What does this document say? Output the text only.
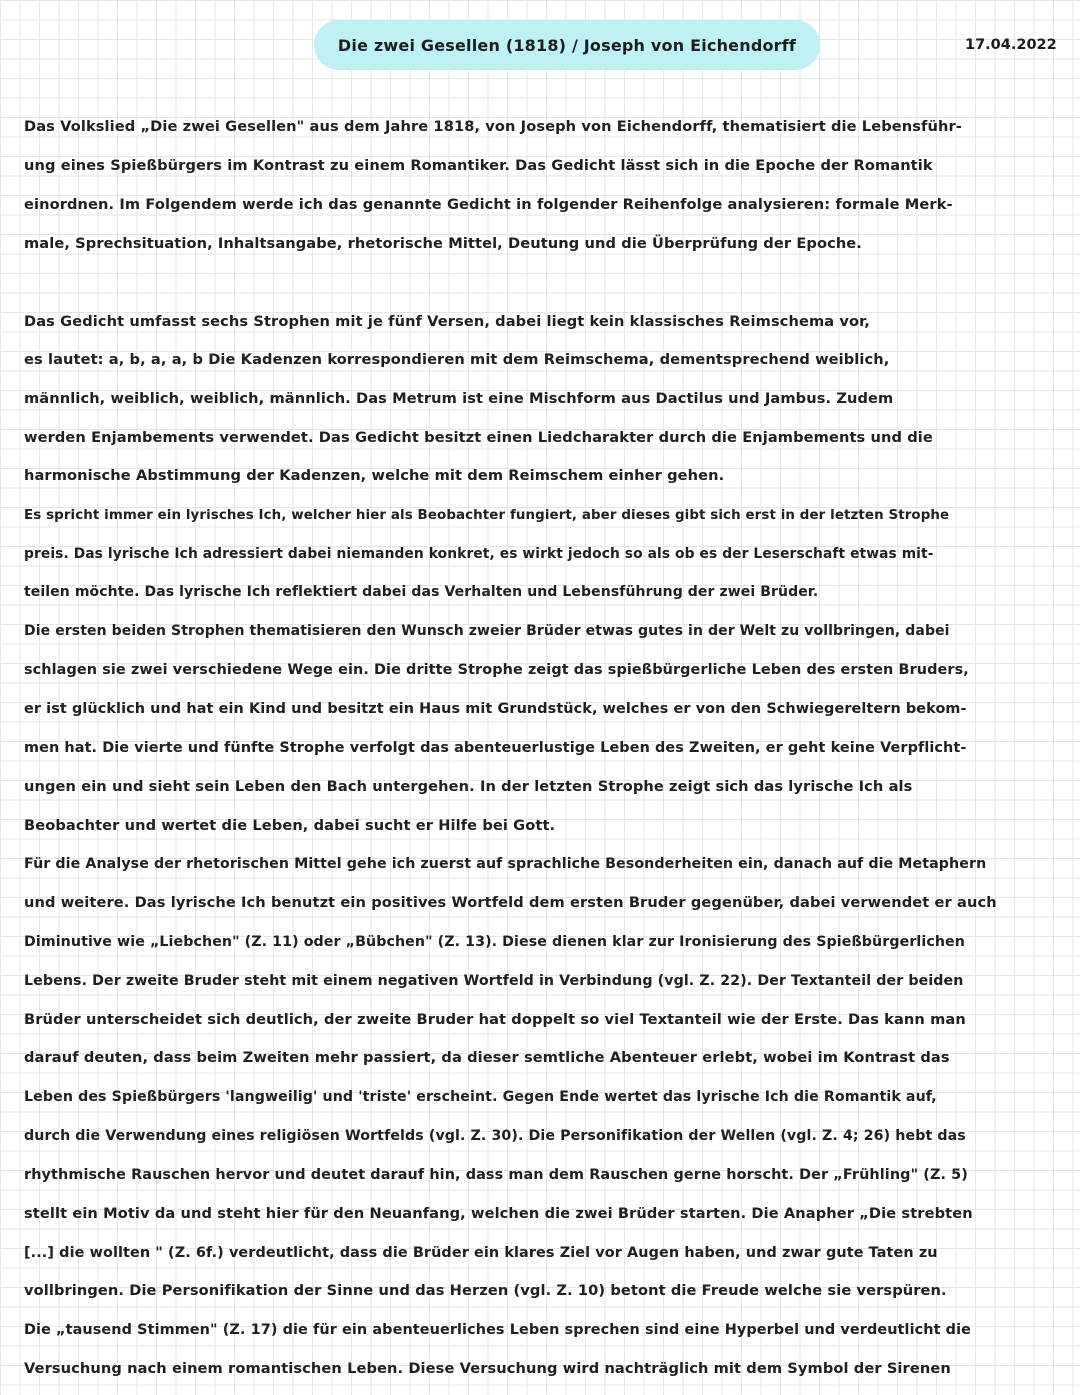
Die zwei Gesellen (1818) / Joseph von Eichendorff	17.04.2022
Das Volkslied „Die zwei Gesellen" aus dem Jahre 1818, von Joseph von Eichendorff, thematisiert die Lebensführ-
ung eines Spießbürgers im Kontrast zu einem Romantiker. Das Gedicht lässt sich in die Epoche der Romantik
einordnen. Im Folgendem werde ich das genannte Gedicht in folgender Reihenfolge analysieren: formale Merk-
male, Sprechsituation, Inhaltsangabe, rhetorische Mittel, Deutung und die Überprüfung der Epoche.
Das Gedicht umfasst sechs Strophen mit je fünf Versen, dabei liegt kein klassisches Reimschema vor,
es lautet: a, b, a, a, b Die Kadenzen korrespondieren mit dem Reimschema, dementsprechend weiblich,
männlich, weiblich, weiblich, männlich. Das Metrum ist eine Mischform aus Dactilus und Jambus. Zudem
werden Enjambements verwendet. Das Gedicht besitzt einen Liedcharakter durch die Enjambements und die
harmonische Abstimmung der Kadenzen, welche mit dem Reimschem einher gehen.
Es spricht immer ein lyrisches Ich, welcher hier als Beobachter fungiert, aber dieses gibt sich erst in der letzten Strophe
preis. Das lyrische Ich adressiert dabei niemanden konkret, es wirkt jedoch so als ob es der Leserschaft etwas mit-
teilen möchte. Das lyrische Ich reflektiert dabei das Verhalten und Lebensführung der zwei Brüder.
Die ersten beiden Strophen thematisieren den Wunsch zweier Brüder etwas gutes in der Welt zu vollbringen, dabei
schlagen sie zwei verschiedene Wege ein. Die dritte Strophe zeigt das spießbürgerliche Leben des ersten Bruders,
er ist glücklich und hat ein Kind und besitzt ein Haus mit Grundstück, welches er von den Schwiegereltern bekom-
men hat. Die vierte und fünfte Strophe verfolgt das abenteuerlustige Leben des Zweiten, er geht keine Verpflicht-
ungen ein und sieht sein Leben den Bach untergehen. In der letzten Strophe zeigt sich das lyrische Ich als
Beobachter und wertet die Leben, dabei sucht er Hilfe bei Gott.
Für die Analyse der rhetorischen Mittel gehe ich zuerst auf sprachliche Besonderheiten ein, danach auf die Metaphern
und weitere. Das lyrische Ich benutzt ein positives Wortfeld dem ersten Bruder gegenüber, dabei verwendet er auch
Diminutive wie „Liebchen" (Z. 11) oder „Bübchen" (Z. 13). Diese dienen klar zur Ironisierung des Spießbürgerlichen
Lebens. Der zweite Bruder steht mit einem negativen Wortfeld in Verbindung (vgl. Z. 22). Der Textanteil der beiden
Brüder unterscheidet sich deutlich, der zweite Bruder hat doppelt so viel Textanteil wie der Erste. Das kann man
darauf deuten, dass beim Zweiten mehr passiert, da dieser semtliche Abenteuer erlebt, wobei im Kontrast das
Leben des Spießbürgers 'langweilig' und 'triste' erscheint. Gegen Ende wertet das lyrische Ich die Romantik auf,
durch die Verwendung eines religiösen Wortfelds (vgl. Z. 30). Die Personifikation der Wellen (vgl. Z. 4; 26) hebt das
rhythmische Rauschen hervor und deutet darauf hin, dass man dem Rauschen gerne horscht. Der „Frühling" (Z. 5)
stellt ein Motiv da und steht hier für den Neuanfang, welchen die zwei Brüder starten. Die Anapher „Die strebten
[...] die wollten " (Z. 6f.) verdeutlicht, dass die Brüder ein klares Ziel vor Augen haben, und zwar gute Taten zu
vollbringen. Die Personifikation der Sinne und das Herzen (vgl. Z. 10) betont die Freude welche sie verspüren.
Die „tausend Stimmen" (Z. 17) die für ein abenteuerliches Leben sprechen sind eine Hyperbel und verdeutlicht die
Versuchung nach einem romantischen Leben. Diese Versuchung wird nachträglich mit dem Symbol der Sirenen
